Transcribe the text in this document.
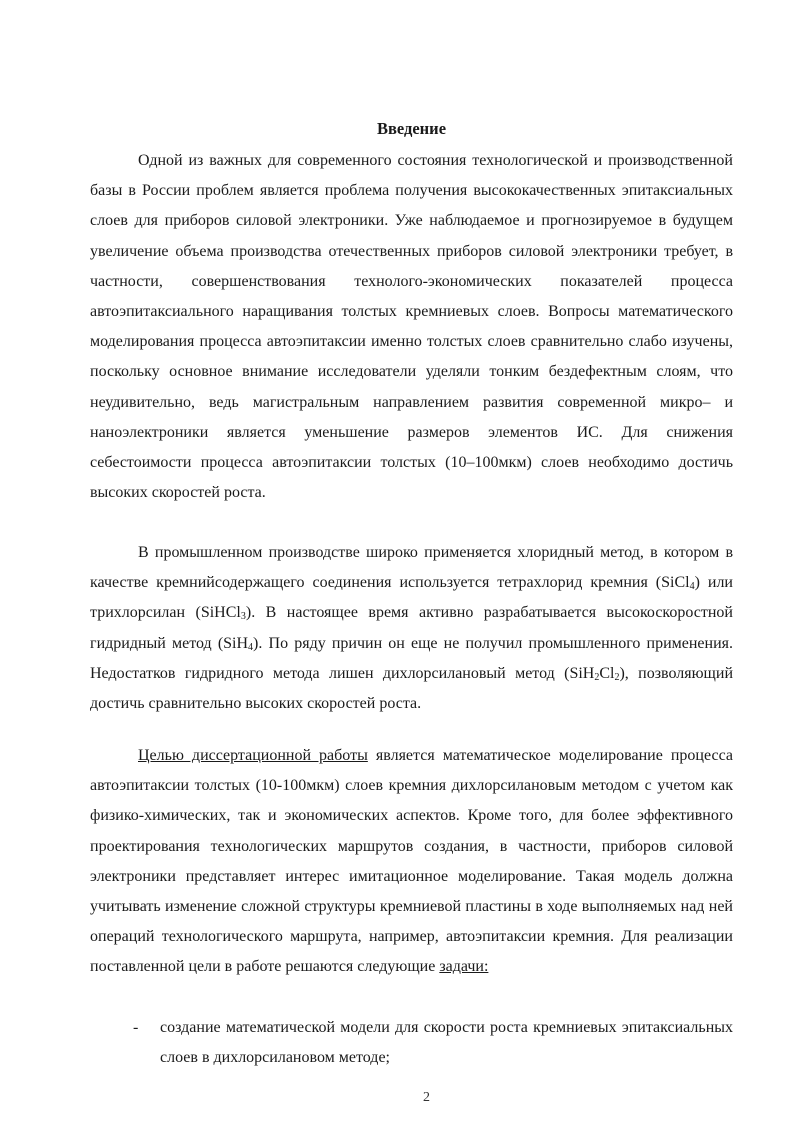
Введение

Одной из важных для современного состояния технологической и производственной базы в России проблем является проблема получения высококачественных эпитаксиальных слоев для приборов силовой электроники. Уже наблюдаемое и прогнозируемое в будущем увеличение объема производства отечественных приборов силовой электроники требует, в частности, совершенствования технолого-экономических показателей процесса автоэпитаксиального наращивания толстых кремниевых слоев. Вопросы математического моделирования процесса автоэпитаксии именно толстых слоев сравнительно слабо изучены, поскольку основное внимание исследователи уделяли тонким бездефектным слоям, что неудивительно, ведь магистральным направлением развития современной микро– и наноэлектроники является уменьшение размеров элементов ИС. Для снижения себестоимости процесса автоэпитаксии толстых (10–100мкм) слоев необходимо достичь высоких скоростей роста.

В промышленном производстве широко применяется хлоридный метод, в котором в качестве кремнийсодержащего соединения используется тетрахлорид кремния (SiCl$_4$) или трихлорсилан (SiHCl$_3$). В настоящее время активно разрабатывается высокоскоростной гидридный метод (SiH$_4$). По ряду причин он еще не получил промышленного применения. Недостатков гидридного метода лишен дихлорсилановый метод $(SiH_2Cl_2)$, позволяющий достичь сравнительно высоких скоростей роста.

Целью диссертационной работы является математическое моделирование процесса автоэпитаксии толстых (10-100мкм) слоев кремния дихлорсилановым методом с учетом как физико-химических, так и экономических аспектов. Кроме того, для более эффективного проектирования технологических маршрутов создания, в частности, приборов силовой электроники представляет интерес имитационное моделирование. Такая модель должна учитывать изменение сложной структуры кремниевой пластины в ходе выполняемых над ней операций технологического маршрута, например, автоэпитаксии кремния. Для реализации поставленной цели в работе решаются следующие задачи:

- создание математической модели для скорости роста кремниевых эпитаксиальных слоев в дихлорсилановом методе;
2
